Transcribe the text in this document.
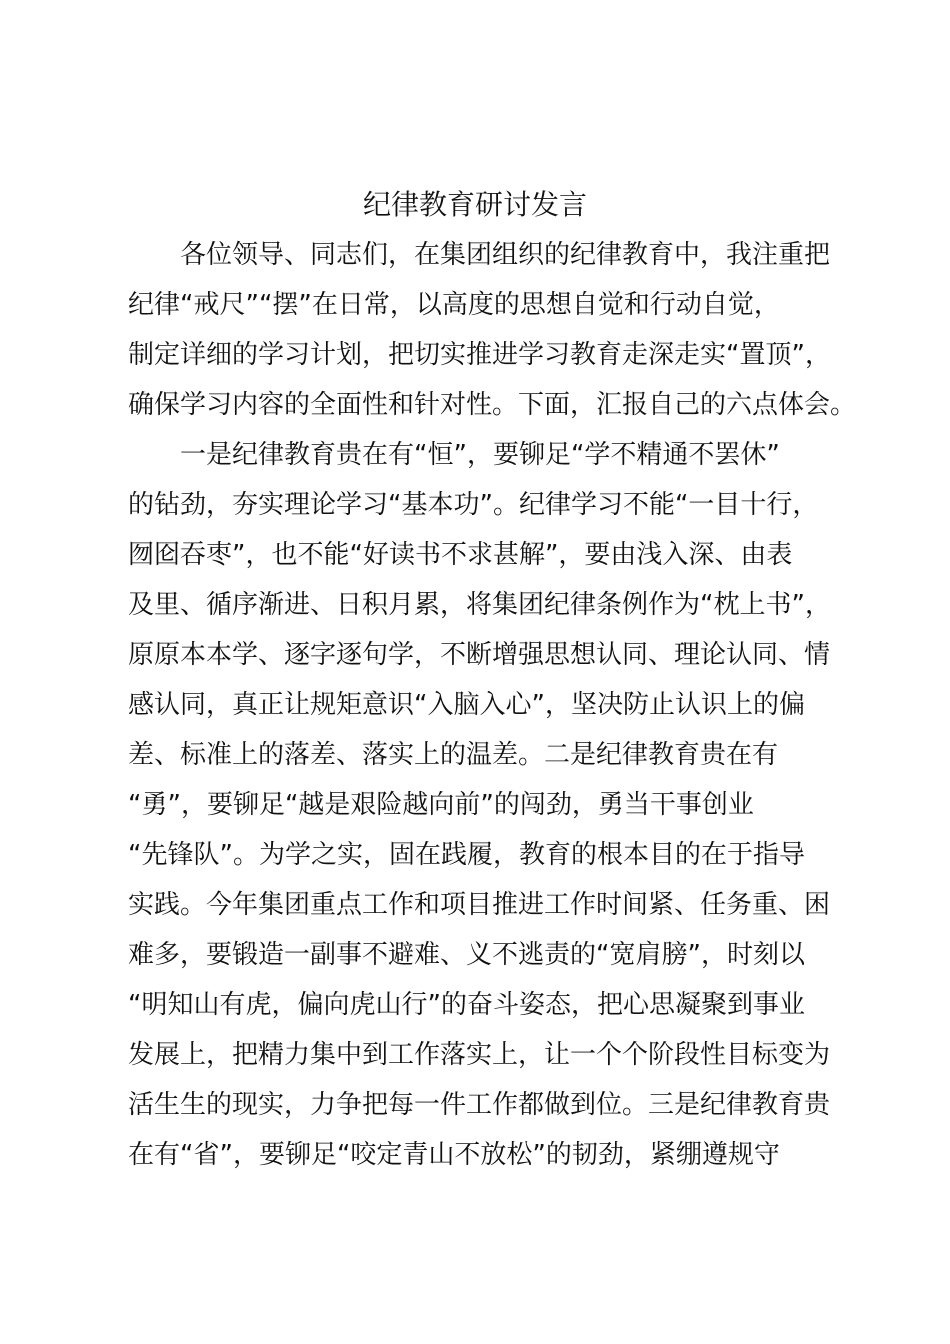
纪律教育研讨发言
各位领导、同志们，在集团组织的纪律教育中，我注重把
纪律“戒尺”“摆”在日常，以高度的思想自觉和行动自觉，
制定详细的学习计划，把切实推进学习教育走深走实“置顶”，
确保学习内容的全面性和针对性。下面，汇报自己的六点体会。
一是纪律教育贵在有“恒”，要铆足“学不精通不罢休”
的钻劲，夯实理论学习“基本功”。纪律学习不能“一目十行，
囫囵吞枣”，也不能“好读书不求甚解”，要由浅入深、由表
及里、循序渐进、日积月累，将集团纪律条例作为“枕上书”，
原原本本学、逐字逐句学，不断增强思想认同、理论认同、情
感认同，真正让规矩意识“入脑入心”，坚决防止认识上的偏
差、标准上的落差、落实上的温差。二是纪律教育贵在有
“勇”，要铆足“越是艰险越向前”的闯劲，勇当干事创业
“先锋队”。为学之实，固在践履，教育的根本目的在于指导
实践。今年集团重点工作和项目推进工作时间紧、任务重、困
难多，要锻造一副事不避难、义不逃责的“宽肩膀”，时刻以
“明知山有虎，偏向虎山行”的奋斗姿态，把心思凝聚到事业
发展上，把精力集中到工作落实上，让一个个阶段性目标变为
活生生的现实，力争把每一件工作都做到位。三是纪律教育贵
在有“省”，要铆足“咬定青山不放松”的韧劲，紧绷遵规守
